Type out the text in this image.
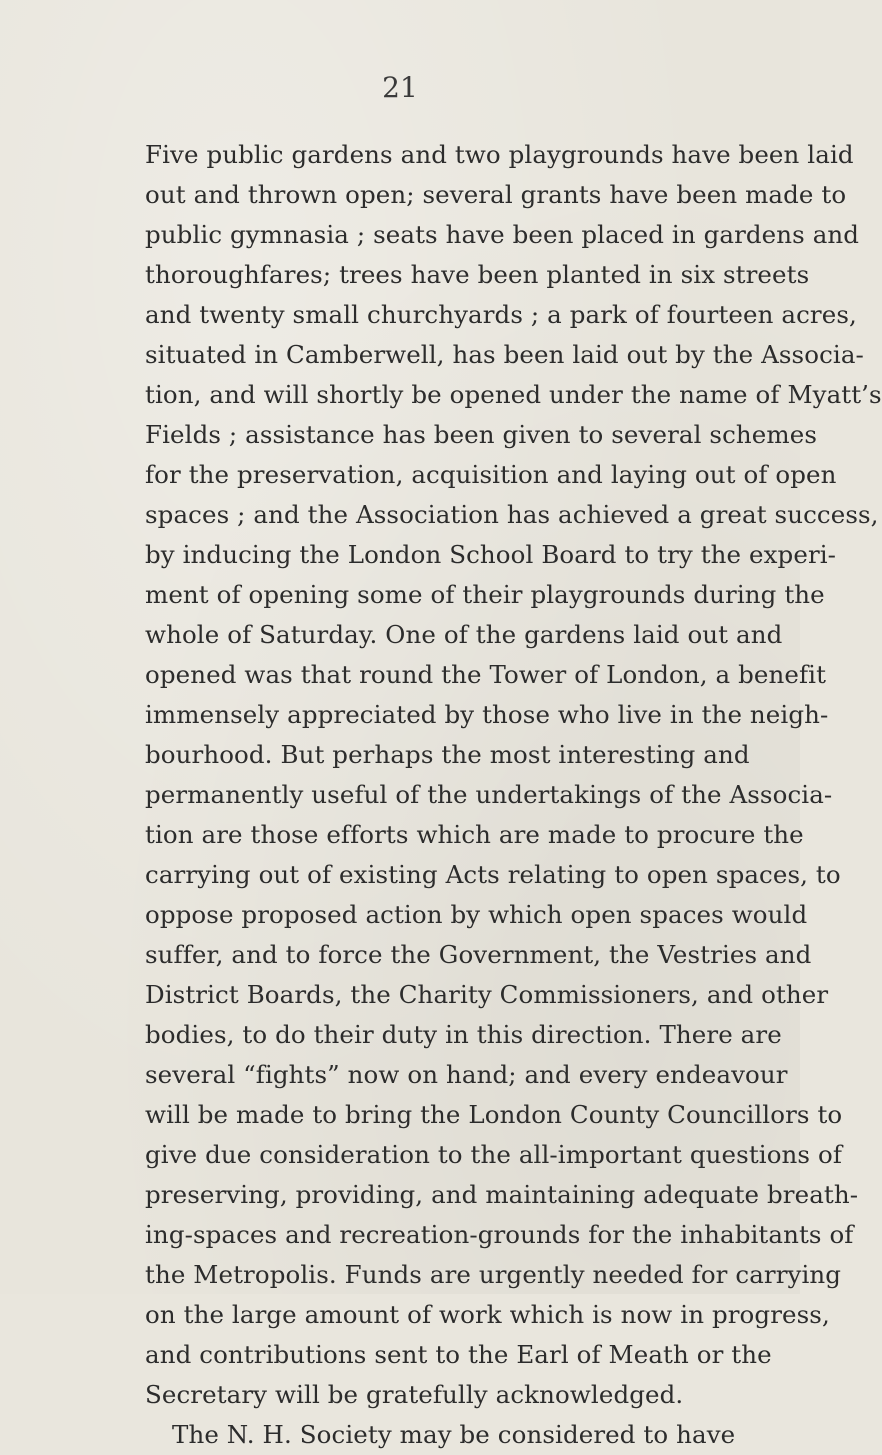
21
Five public gardens and two playgrounds have been laid
out and thrown open; several grants have been made to
public gymnasia ; seats have been placed in gardens and
thoroughfares; trees have been planted in six streets
and twenty small churchyards ; a park of fourteen acres,
situated in Camberwell, has been laid out by the Associa-
tion, and will shortly be opened under the name of Myatt’s
Fields ; assistance has been given to several schemes
for the preservation, acquisition and laying out of open
spaces ; and the Association has achieved a great success,
by inducing the London School Board to try the experi-
ment of opening some of their playgrounds during the
whole of Saturday. One of the gardens laid out and
opened was that round the Tower of London, a benefit
immensely appreciated by those who live in the neigh-
bourhood. But perhaps the most interesting and
permanently useful of the undertakings of the Associa-
tion are those efforts which are made to procure the
carrying out of existing Acts relating to open spaces, to
oppose proposed action by which open spaces would
suffer, and to force the Government, the Vestries and
District Boards, the Charity Commissioners, and other
bodies, to do their duty in this direction. There are
several “fights” now on hand; and every endeavour
will be made to bring the London County Councillors to
give due consideration to the all-important questions of
preserving, providing, and maintaining adequate breath-
ing-spaces and recreation-grounds for the inhabitants of
the Metropolis. Funds are urgently needed for carrying
on the large amount of work which is now in progress,
and contributions sent to the Earl of Meath or the
Secretary will be gratefully acknowledged.
The N. H. Society may be considered to have
